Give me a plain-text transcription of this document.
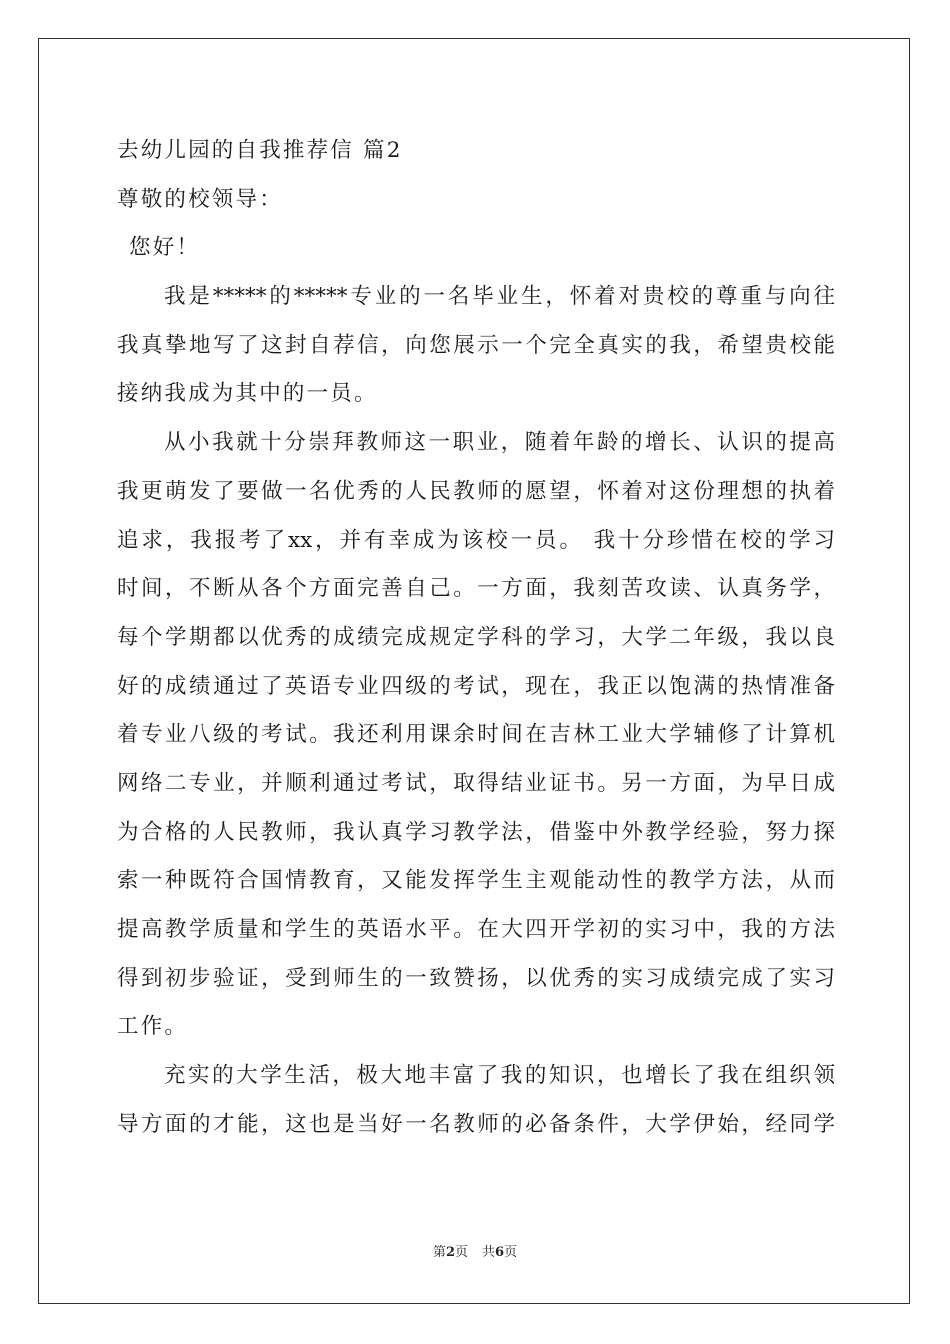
去幼儿园的自我推荐信 篇2
尊敬的校领导：
您好！
我是*****的*****专业的一名毕业生，怀着对贵校的尊重与向往
我真挚地写了这封自荐信，向您展示一个完全真实的我，希望贵校能
接纳我成为其中的一员。
从小我就十分崇拜教师这一职业，随着年龄的增长、认识的提高
我更萌发了要做一名优秀的人民教师的愿望，怀着对这份理想的执着
追求，我报考了xx，并有幸成为该校一员。 我十分珍惜在校的学习
时间，不断从各个方面完善自己。一方面，我刻苦攻读、认真务学，
每个学期都以优秀的成绩完成规定学科的学习，大学二年级，我以良
好的成绩通过了英语专业四级的考试，现在，我正以饱满的热情准备
着专业八级的考试。我还利用课余时间在吉林工业大学辅修了计算机
网络二专业，并顺利通过考试，取得结业证书。另一方面，为早日成
为合格的人民教师，我认真学习教学法，借鉴中外教学经验，努力探
索一种既符合国情教育，又能发挥学生主观能动性的教学方法，从而
提高教学质量和学生的英语水平。在大四开学初的实习中，我的方法
得到初步验证，受到师生的一致赞扬，以优秀的实习成绩完成了实习
工作。
充实的大学生活，极大地丰富了我的知识，也增长了我在组织领
导方面的才能，这也是当好一名教师的必备条件，大学伊始，经同学
第2页 共6页
